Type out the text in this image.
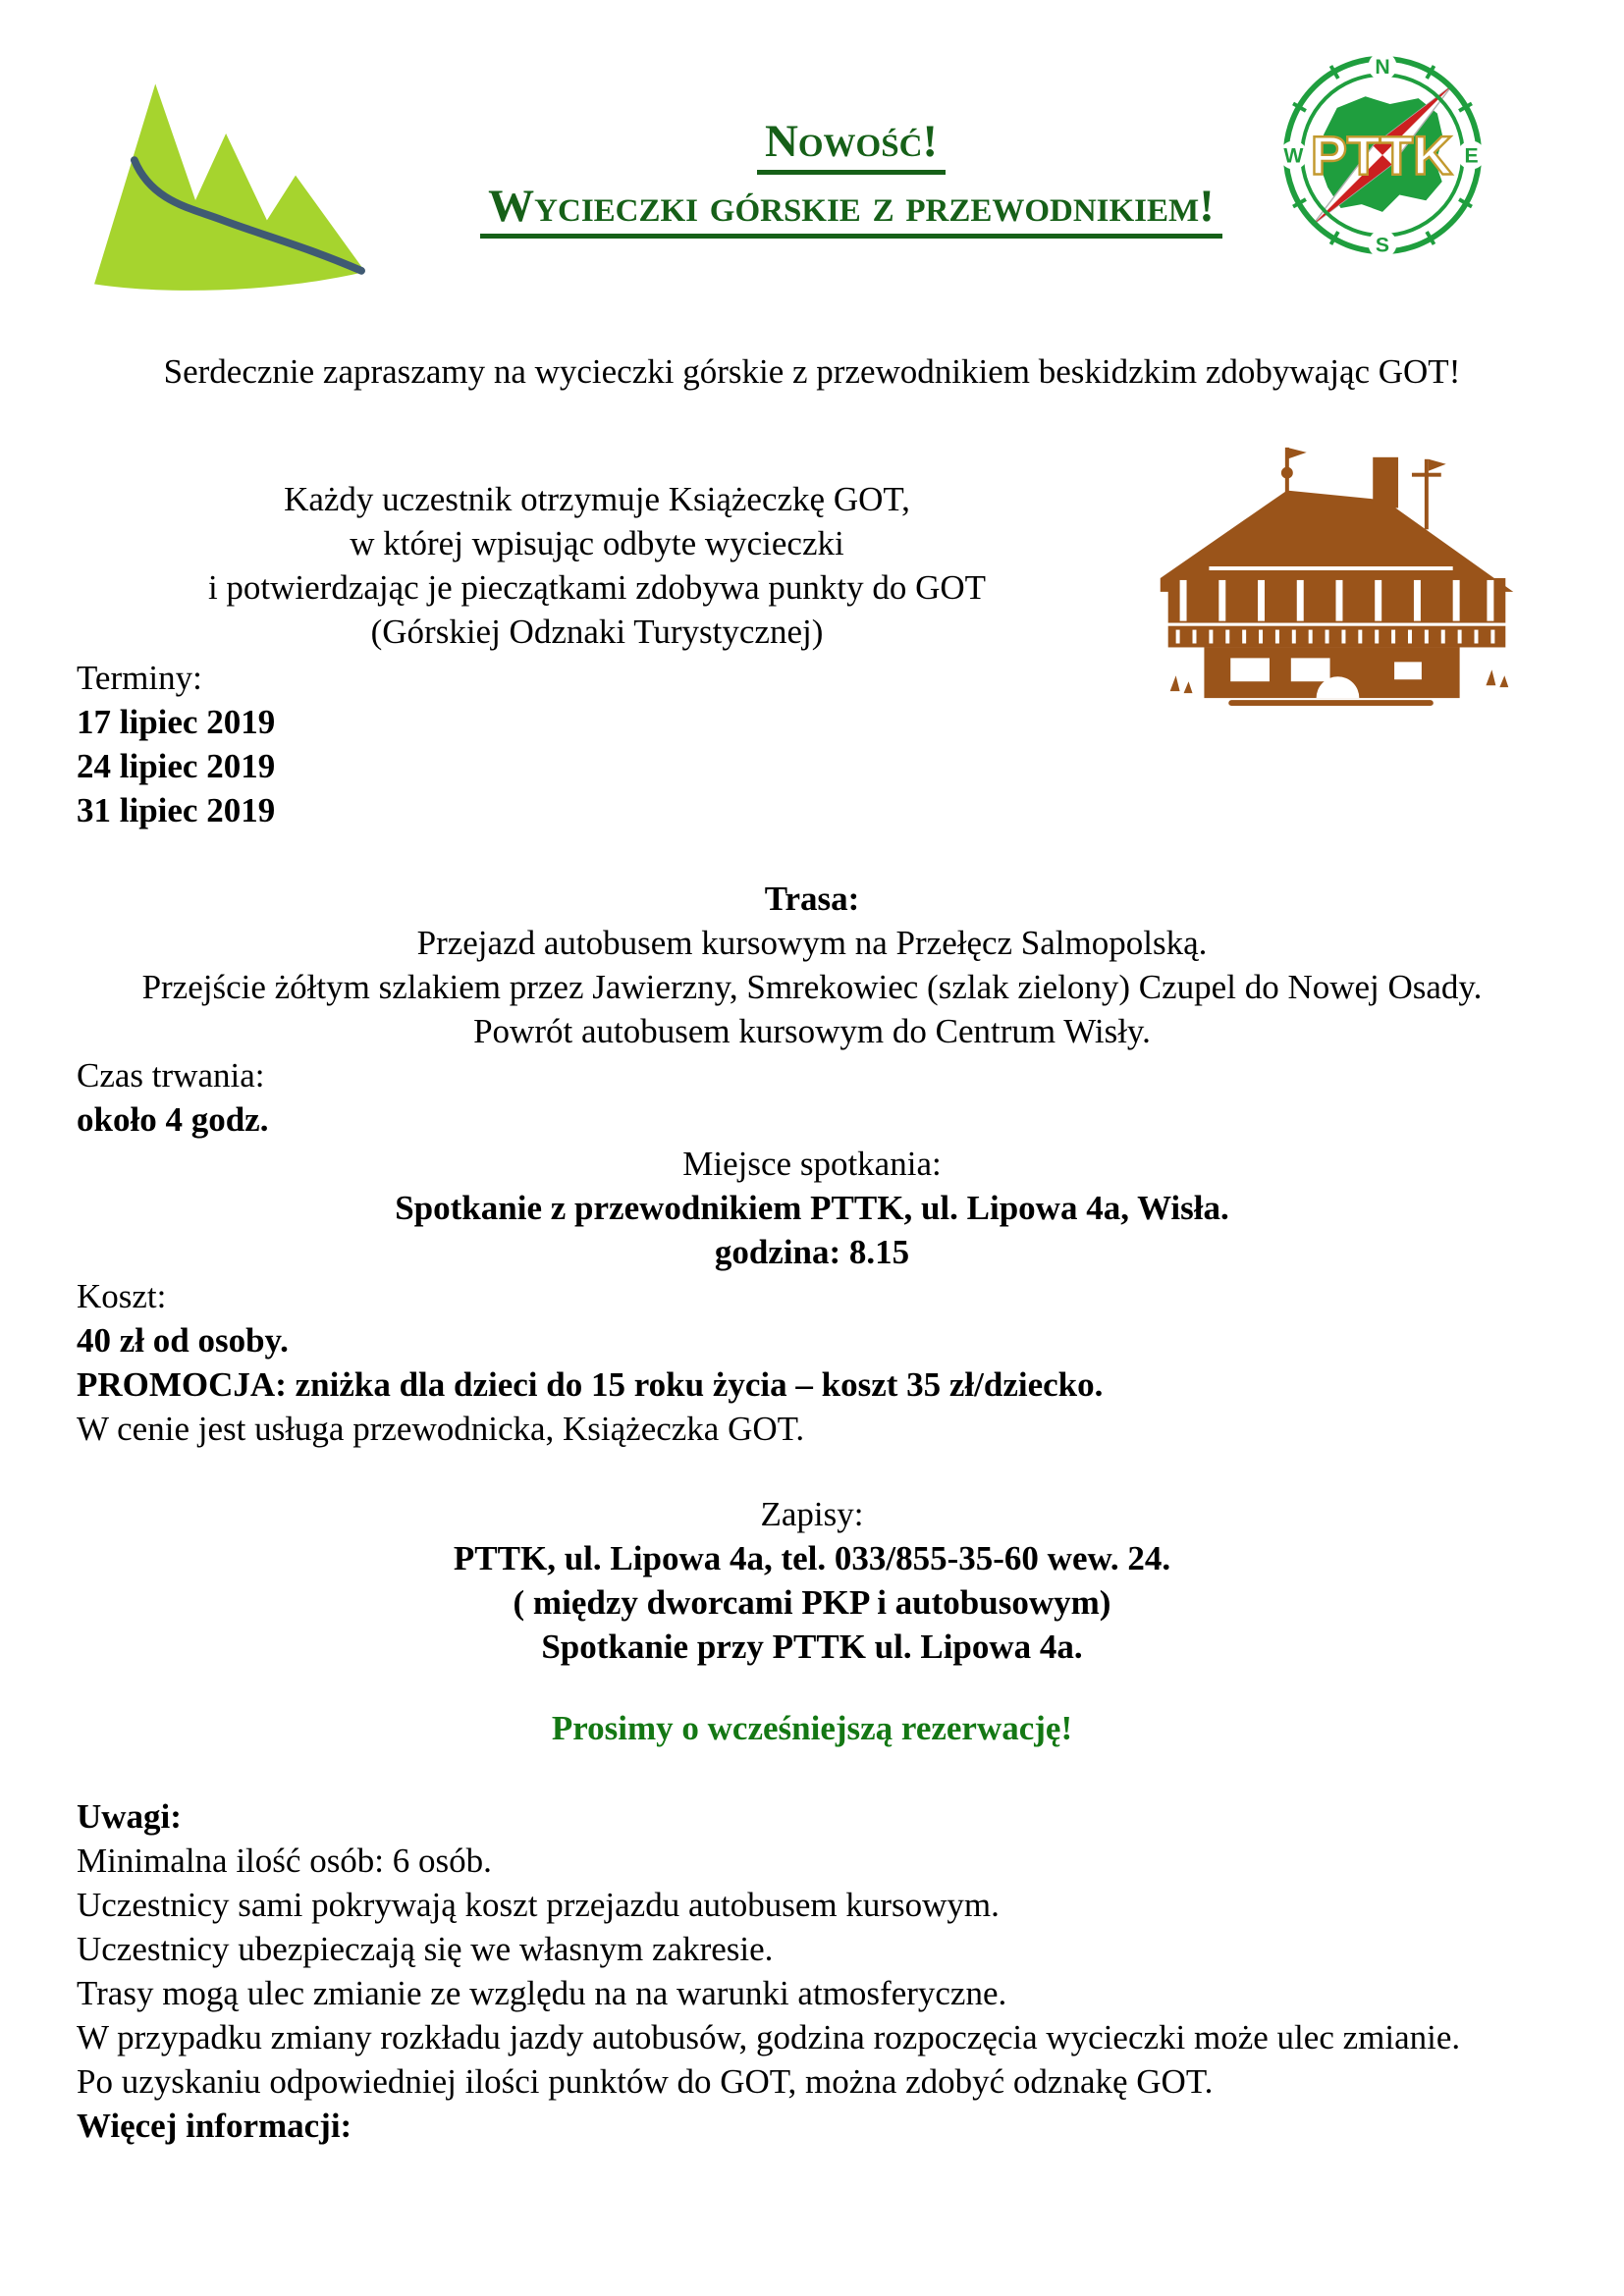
Nowość!
Wycieczki górskie z przewodnikiem!
PTTK
N
E
S
W

Serdecznie zapraszamy na wycieczki górskie z przewodnikiem beskidzkim zdobywając GOT!

Każdy uczestnik otrzymuje Książeczkę GOT,
w której wpisując odbyte wycieczki
i potwierdzając je pieczątkami zdobywa punkty do GOT
(Górskiej Odznaki Turystycznej)
Terminy:
17 lipiec 2019
24 lipiec 2019
31 lipiec 2019
Trasa:
Przejazd autobusem kursowym na Przełęcz Salmopolską.
Przejście żółtym szlakiem przez Jawierzny, Smrekowiec (szlak zielony) Czupel do Nowej Osady.
Powrót autobusem kursowym do Centrum Wisły.
Czas trwania:
około 4 godz.
Miejsce spotkania:
Spotkanie z przewodnikiem PTTK, ul. Lipowa 4a, Wisła.
godzina: 8.15
Koszt:
40 zł od osoby.
PROMOCJA: zniżka dla dzieci do 15 roku życia – koszt 35 zł/dziecko.
W cenie jest usługa przewodnicka, Książeczka GOT.
Zapisy:
PTTK, ul. Lipowa 4a, tel. 033/855-35-60 wew. 24.
( między dworcami PKP i autobusowym)
Spotkanie przy PTTK ul. Lipowa 4a.

Prosimy o wcześniejszą rezerwację!

Uwagi:
Minimalna ilość osób: 6 osób.
Uczestnicy sami pokrywają koszt przejazdu autobusem kursowym.
Uczestnicy ubezpieczają się we własnym zakresie.
Trasy mogą ulec zmianie ze względu na na warunki atmosferyczne.
W przypadku zmiany rozkładu jazdy autobusów, godzina rozpoczęcia wycieczki może ulec zmianie.
Po uzyskaniu odpowiedniej ilości punktów do GOT, można zdobyć odznakę GOT.
Więcej informacji:
